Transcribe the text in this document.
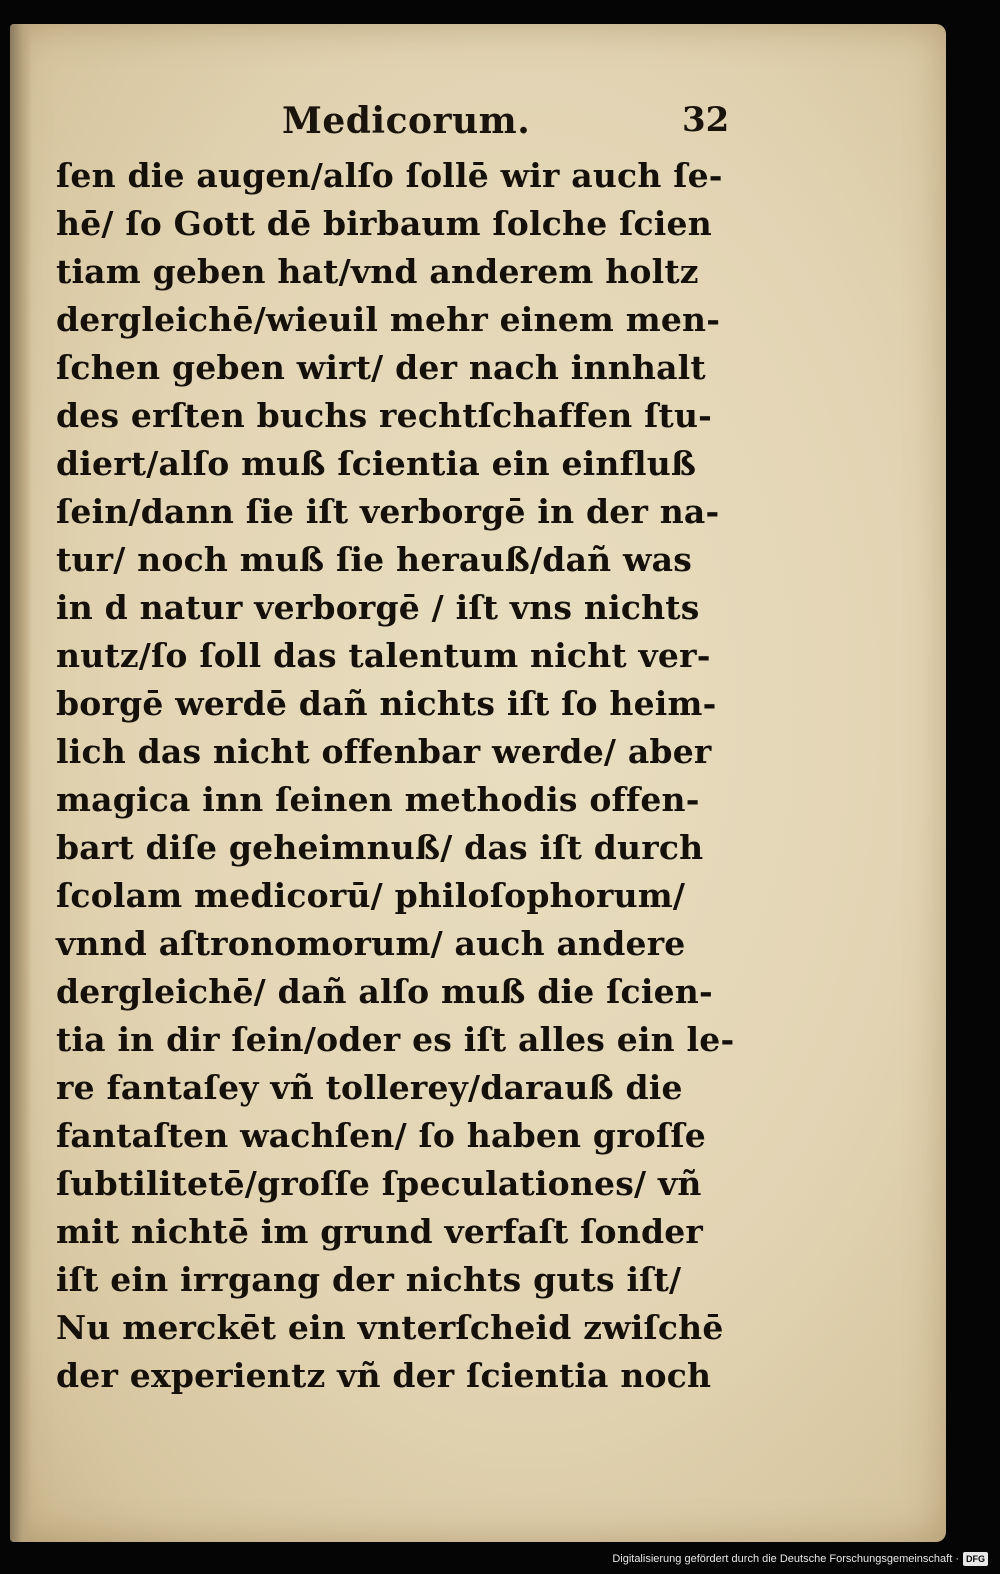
Medicorum.	32
ſen die augen/alſo ſollē wir auch ſe-
hē/ ſo Gott dē birbaum ſolche ſcien
tiam geben hat/vnd anderem holtz
dergleichē/wieuil mehr einem men-
ſchen geben wirt/ der nach innhalt
des erſten buchs rechtſchaffen ſtu-
diert/alſo muß ſcientia ein einfluß
ſein/dann ſie iſt verborgē in der na-
tur/ noch muß ſie herauß/dañ was
in d natur verborgē / iſt vns nichts
nutz/ſo ſoll das talentum nicht ver-
borgē werdē dañ nichts iſt ſo heim-
lich das nicht offenbar werde/ aber
magica inn ſeinen methodis offen-
bart diſe geheimnuß/ das iſt durch
ſcolam medicorū/ philoſophorum/
vnnd aſtronomorum/ auch andere
dergleichē/ dañ alſo muß die ſcien-
tia in dir ſein/oder es iſt alles ein le-
re fantaſey vñ tollerey/darauß die
fantaſten wachſen/ ſo haben groſſe
ſubtilitetē/groſſe ſpeculationes/ vñ
mit nichtē im grund verfaſt ſonder
iſt ein irrgang der nichts guts iſt/
Nu merckēt ein vnterſcheid zwiſchē
der experientz vñ der ſcientia noch
Digitalisierung gefördert durch die Deutsche Forschungsgemeinschaft · DFG
